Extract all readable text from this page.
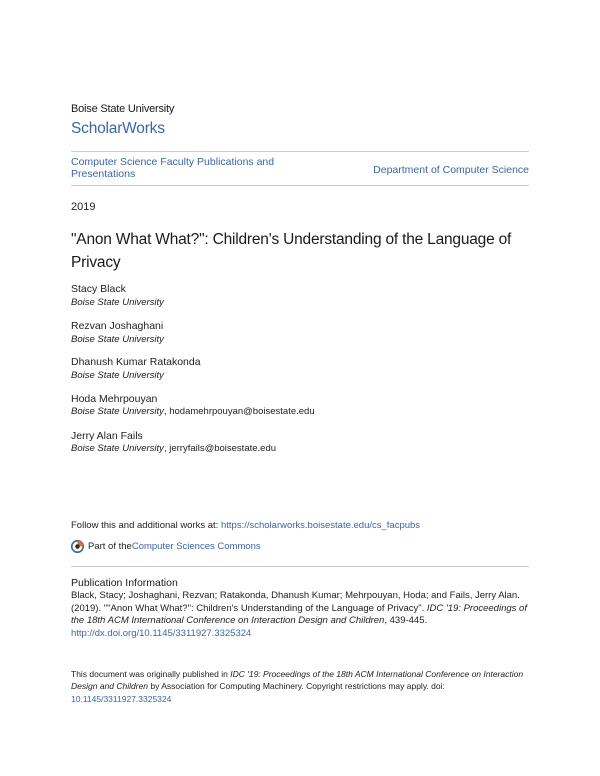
Boise State University
ScholarWorks
Computer Science Faculty Publications and Presentations	Department of Computer Science
2019
"Anon What What?": Children's Understanding of the Language of Privacy
Stacy Black
Boise State University
Rezvan Joshaghani
Boise State University
Dhanush Kumar Ratakonda
Boise State University
Hoda Mehrpouyan
Boise State University, hodamehrpouyan@boisestate.edu
Jerry Alan Fails
Boise State University, jerryfails@boisestate.edu
Follow this and additional works at: https://scholarworks.boisestate.edu/cs_facpubs
Part of the Computer Sciences Commons
Publication Information
Black, Stacy; Joshaghani, Rezvan; Ratakonda, Dhanush Kumar; Mehrpouyan, Hoda; and Fails, Jerry Alan. (2019). ""Anon What What?": Children's Understanding of the Language of Privacy". IDC '19: Proceedings of the 18th ACM International Conference on Interaction Design and Children, 439-445. http://dx.doi.org/10.1145/3311927.3325324
This document was originally published in IDC '19: Proceedings of the 18th ACM International Conference on Interaction Design and Children by Association for Computing Machinery. Copyright restrictions may apply. doi: 10.1145/3311927.3325324
